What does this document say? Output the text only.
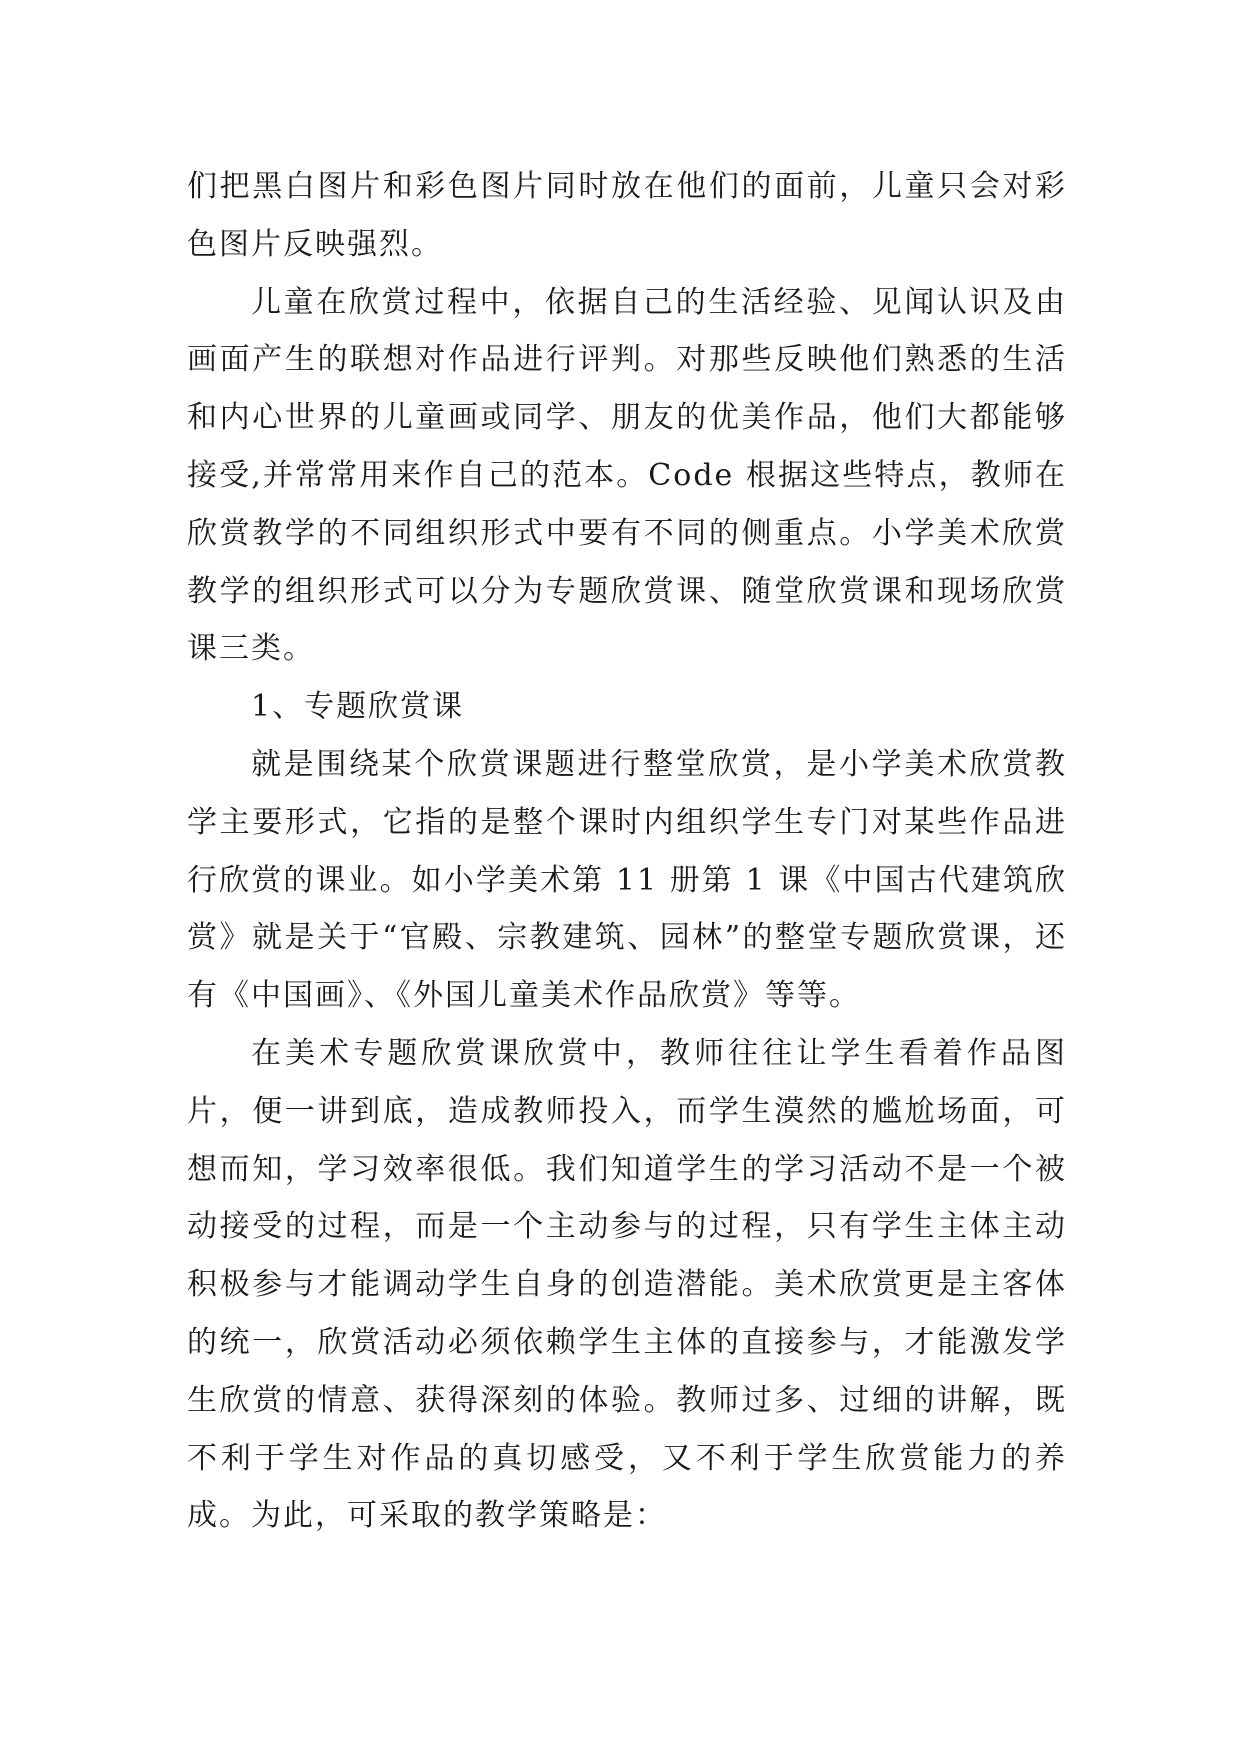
们把黑白图片和彩色图片同时放在他们的面前，儿童只会对彩色图片反映强烈。

儿童在欣赏过程中，依据自己的生活经验、见闻认识及由画面产生的联想对作品进行评判。对那些反映他们熟悉的生活和内心世界的儿童画或同学、朋友的优美作品，他们大都能够接受,并常常用来作自己的范本。Code 根据这些特点，教师在欣赏教学的不同组织形式中要有不同的侧重点。小学美术欣赏教学的组织形式可以分为专题欣赏课、随堂欣赏课和现场欣赏课三类。

1、专题欣赏课

就是围绕某个欣赏课题进行整堂欣赏，是小学美术欣赏教学主要形式，它指的是整个课时内组织学生专门对某些作品进行欣赏的课业。如小学美术第 11 册第 1 课《中国古代建筑欣赏》就是关于“官殿、宗教建筑、园林”的整堂专题欣赏课，还有《中国画》、《外国儿童美术作品欣赏》等等。

在美术专题欣赏课欣赏中，教师往往让学生看着作品图片，便一讲到底，造成教师投入，而学生漠然的尴尬场面，可想而知，学习效率很低。我们知道学生的学习活动不是一个被动接受的过程，而是一个主动参与的过程，只有学生主体主动积极参与才能调动学生自身的创造潜能。美术欣赏更是主客体的统一，欣赏活动必须依赖学生主体的直接参与，才能激发学生欣赏的情意、获得深刻的体验。教师过多、过细的讲解，既不利于学生对作品的真切感受，又不利于学生欣赏能力的养成。为此，可采取的教学策略是：
